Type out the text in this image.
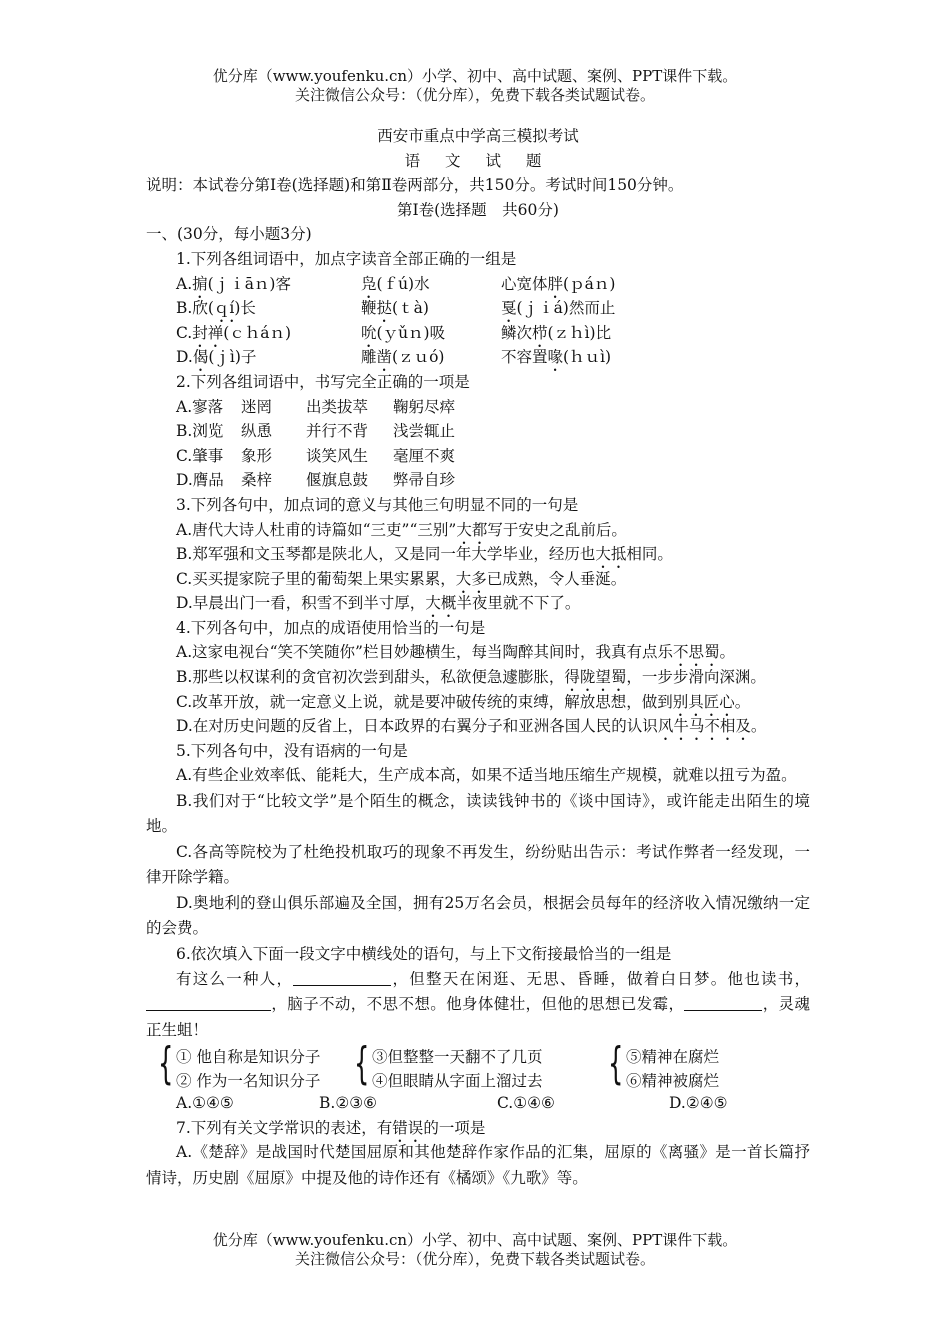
优分库（www.youfenku.cn）小学、初中、高中试题、案例、PPT课件下载。
关注微信公众号：（优分库），免费下载各类试题试卷。
西安市重点中学高三模拟考试
语 文 试 题
说明：本试卷分第Ⅰ卷(选择题)和第Ⅱ卷两部分，共150分。考试时间150分钟。
第Ⅰ卷(选择题　共60分)
一、(30分，每小题3分)
1.下列各组词语中，加点字读音全部正确的一组是
A.掮(ｊｉāｎ)客	凫(ｆú)水	心宽体胖(ｐáｎ)
B.欣(ｑí)长	鞭挞(ｔà)	戛(ｊｉá)然而止
C.封禅(ｃｈáｎ)	吮(ｙǔｎ)吸	鳞次栉(ｚｈì)比
D.偈(ｊì)子	雕凿(ｚｕó)	不容置喙(ｈｕì)
2.下列各组词语中，书写完全正确的一项是
A.寥落 迷罔 出类拔萃 鞠躬尽瘁
B.浏览 纵恿 并行不背 浅尝辄止
C.肇事 象形 谈笑风生 毫厘不爽
D.膺品 桑梓 偃旗息鼓 弊帚自珍
3.下列各句中，加点词的意义与其他三句明显不同的一句是
A.唐代大诗人杜甫的诗篇如“三吏”“三别”大都写于安史之乱前后。
B.郑军强和文玉琴都是陕北人，又是同一年大学毕业，经历也大抵相同。
C.买买提家院子里的葡萄架上果实累累，大多已成熟，令人垂涎。
D.早晨出门一看，积雪不到半寸厚，大概半夜里就不下了。
4.下列各句中，加点的成语使用恰当的一句是
A.这家电视台“笑不笑随你”栏目妙趣横生，每当陶醉其间时，我真有点乐不思蜀。
B.那些以权谋利的贪官初次尝到甜头，私欲便急遽膨胀，得陇望蜀，一步步滑向深渊。
C.改革开放，就一定意义上说，就是要冲破传统的束缚，解放思想，做到别具匠心。
D.在对历史问题的反省上，日本政界的右翼分子和亚洲各国人民的认识风牛马不相及。
5.下列各句中，没有语病的一句是

A.有些企业效率低、能耗大，生产成本高，如果不适当地压缩生产规模，就难以扭亏为盈。

B.我们对于“比较文学”是个陌生的概念，读读钱钟书的《谈中国诗》，或许能走出陌生的境地。

C.各高等院校为了杜绝投机取巧的现象不再发生，纷纷贴出告示：考试作弊者一经发现，一律开除学籍。

D.奥地利的登山俱乐部遍及全国，拥有25万名会员，根据会员每年的经济收入情况缴纳一定的会费。

6.依次填入下面一段文字中横线处的语句，与上下文衔接最恰当的一组是

有这么一种人，	，但整天在闲逛、无思、昏睡，做着白日梦。他也读书，，脑子不动，不思不想。他身体健壮，但他的思想已发霉，	，灵魂正生蛆！

{ ① 他自称是知识分子
② 作为一名知识分子 { ③但整整一天翻不了几页
④但眼睛从字面上溜过去 { ⑤精神在腐烂
⑥精神被腐烂
A.①④⑤	B.②③⑥	C.①④⑥	D.②④⑤
7.下列有关文学常识的表述，有错误的一项是

A.《楚辞》是战国时代楚国屈原和其他楚辞作家作品的汇集，屈原的《离骚》是一首长篇抒情诗，历史剧《屈原》中提及他的诗作还有《橘颂》《九歌》等。

优分库（www.youfenku.cn）小学、初中、高中试题、案例、PPT课件下载。
关注微信公众号：（优分库），免费下载各类试题试卷。
